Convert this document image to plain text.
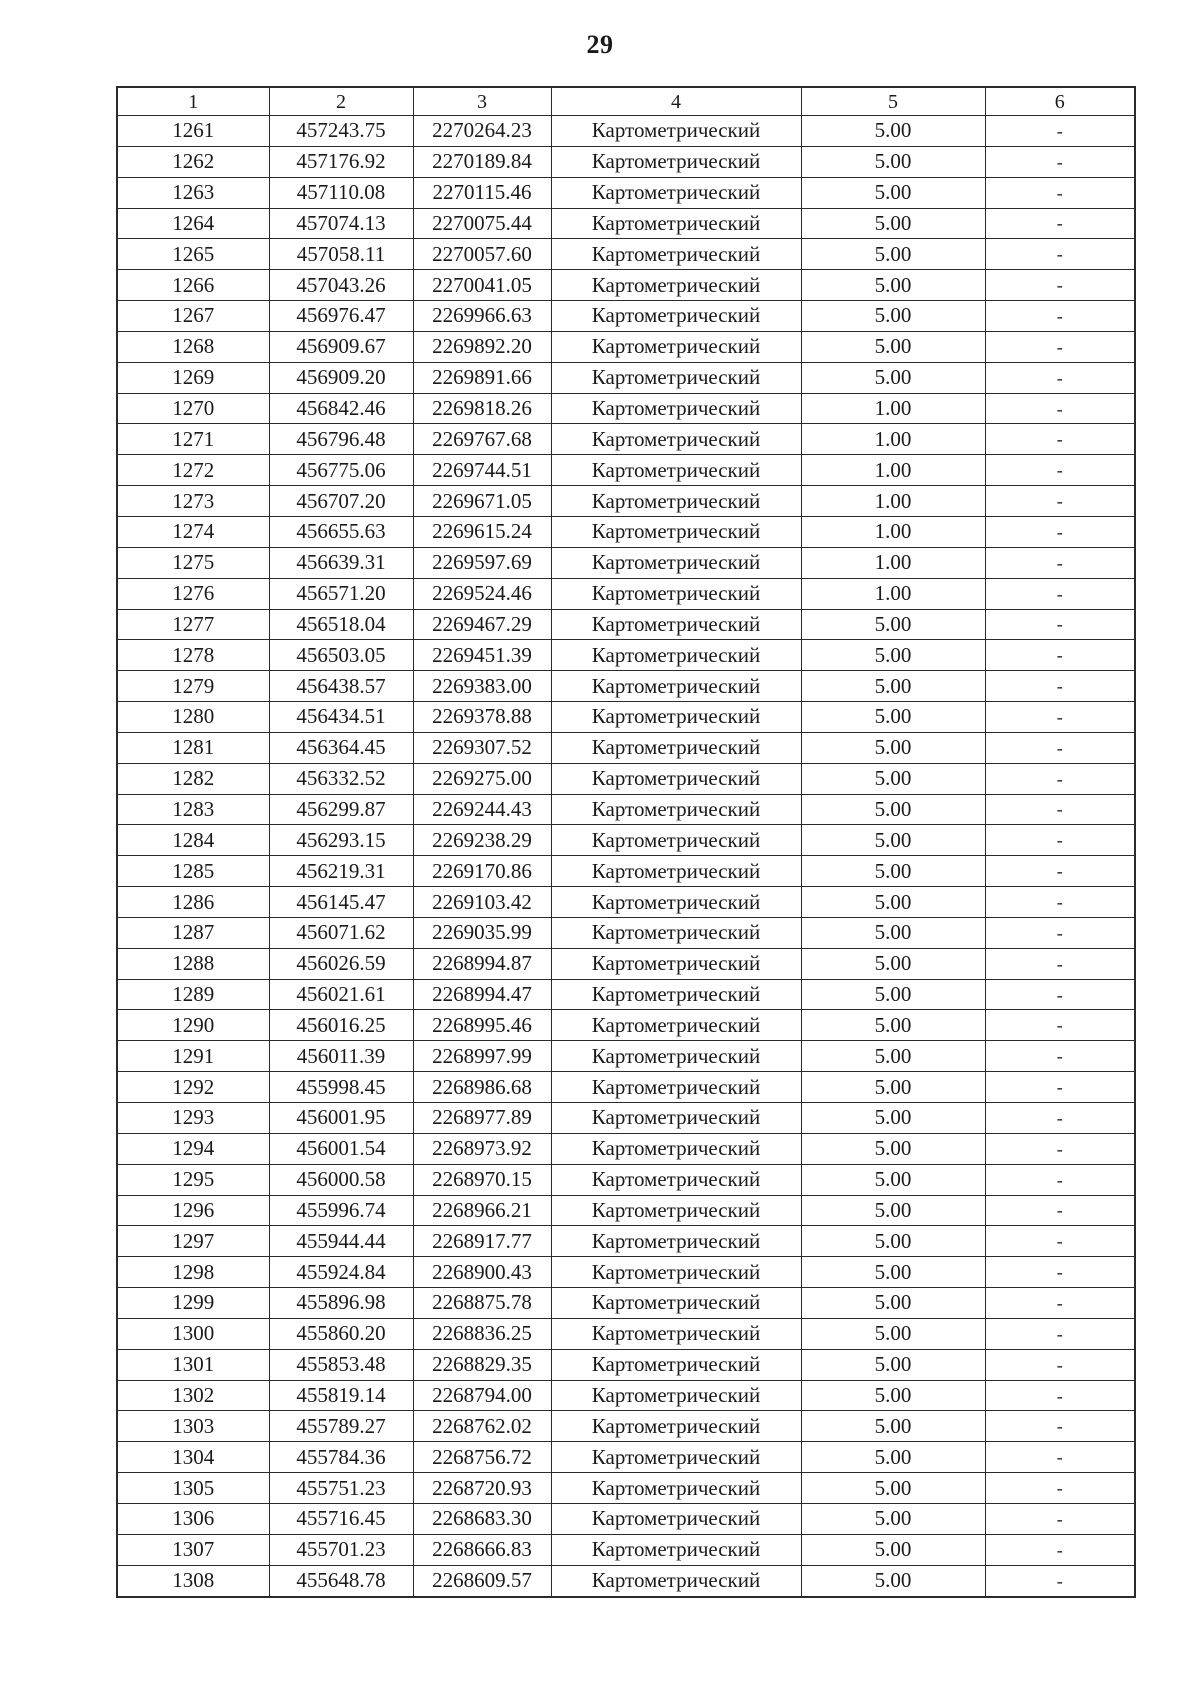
29
1	2	3	4	5	6
1261	457243.75	2270264.23	Картометрический	5.00	-
1262	457176.92	2270189.84	Картометрический	5.00	-
1263	457110.08	2270115.46	Картометрический	5.00	-
1264	457074.13	2270075.44	Картометрический	5.00	-
1265	457058.11	2270057.60	Картометрический	5.00	-
1266	457043.26	2270041.05	Картометрический	5.00	-
1267	456976.47	2269966.63	Картометрический	5.00	-
1268	456909.67	2269892.20	Картометрический	5.00	-
1269	456909.20	2269891.66	Картометрический	5.00	-
1270	456842.46	2269818.26	Картометрический	1.00	-
1271	456796.48	2269767.68	Картометрический	1.00	-
1272	456775.06	2269744.51	Картометрический	1.00	-
1273	456707.20	2269671.05	Картометрический	1.00	-
1274	456655.63	2269615.24	Картометрический	1.00	-
1275	456639.31	2269597.69	Картометрический	1.00	-
1276	456571.20	2269524.46	Картометрический	1.00	-
1277	456518.04	2269467.29	Картометрический	5.00	-
1278	456503.05	2269451.39	Картометрический	5.00	-
1279	456438.57	2269383.00	Картометрический	5.00	-
1280	456434.51	2269378.88	Картометрический	5.00	-
1281	456364.45	2269307.52	Картометрический	5.00	-
1282	456332.52	2269275.00	Картометрический	5.00	-
1283	456299.87	2269244.43	Картометрический	5.00	-
1284	456293.15	2269238.29	Картометрический	5.00	-
1285	456219.31	2269170.86	Картометрический	5.00	-
1286	456145.47	2269103.42	Картометрический	5.00	-
1287	456071.62	2269035.99	Картометрический	5.00	-
1288	456026.59	2268994.87	Картометрический	5.00	-
1289	456021.61	2268994.47	Картометрический	5.00	-
1290	456016.25	2268995.46	Картометрический	5.00	-
1291	456011.39	2268997.99	Картометрический	5.00	-
1292	455998.45	2268986.68	Картометрический	5.00	-
1293	456001.95	2268977.89	Картометрический	5.00	-
1294	456001.54	2268973.92	Картометрический	5.00	-
1295	456000.58	2268970.15	Картометрический	5.00	-
1296	455996.74	2268966.21	Картометрический	5.00	-
1297	455944.44	2268917.77	Картометрический	5.00	-
1298	455924.84	2268900.43	Картометрический	5.00	-
1299	455896.98	2268875.78	Картометрический	5.00	-
1300	455860.20	2268836.25	Картометрический	5.00	-
1301	455853.48	2268829.35	Картометрический	5.00	-
1302	455819.14	2268794.00	Картометрический	5.00	-
1303	455789.27	2268762.02	Картометрический	5.00	-
1304	455784.36	2268756.72	Картометрический	5.00	-
1305	455751.23	2268720.93	Картометрический	5.00	-
1306	455716.45	2268683.30	Картометрический	5.00	-
1307	455701.23	2268666.83	Картометрический	5.00	-
1308	455648.78	2268609.57	Картометрический	5.00	-
